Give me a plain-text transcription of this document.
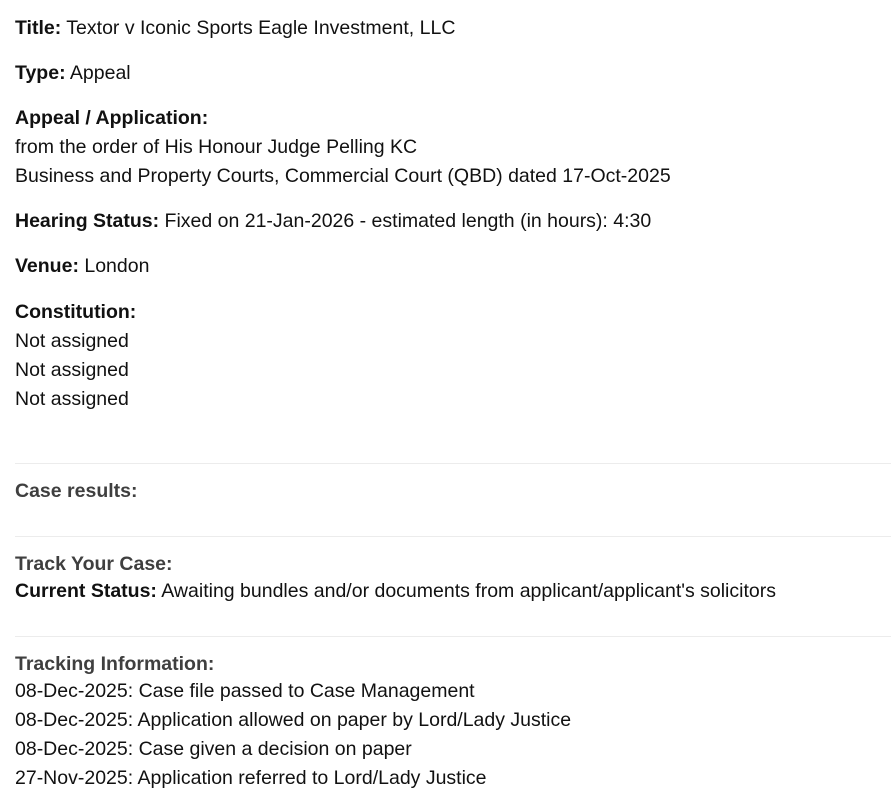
Title: Textor v Iconic Sports Eagle Investment, LLC
Type: Appeal
Appeal / Application:
from the order of His Honour Judge Pelling KC
Business and Property Courts, Commercial Court (QBD) dated 17-Oct-2025
Hearing Status: Fixed on 21-Jan-2026 - estimated length (in hours): 4:30
Venue: London
Constitution:
Not assigned
Not assigned
Not assigned
Case results:
Track Your Case:
Current Status: Awaiting bundles and/or documents from applicant/applicant's solicitors
Tracking Information:
08-Dec-2025: Case file passed to Case Management
08-Dec-2025: Application allowed on paper by Lord/Lady Justice
08-Dec-2025: Case given a decision on paper
27-Nov-2025: Application referred to Lord/Lady Justice
